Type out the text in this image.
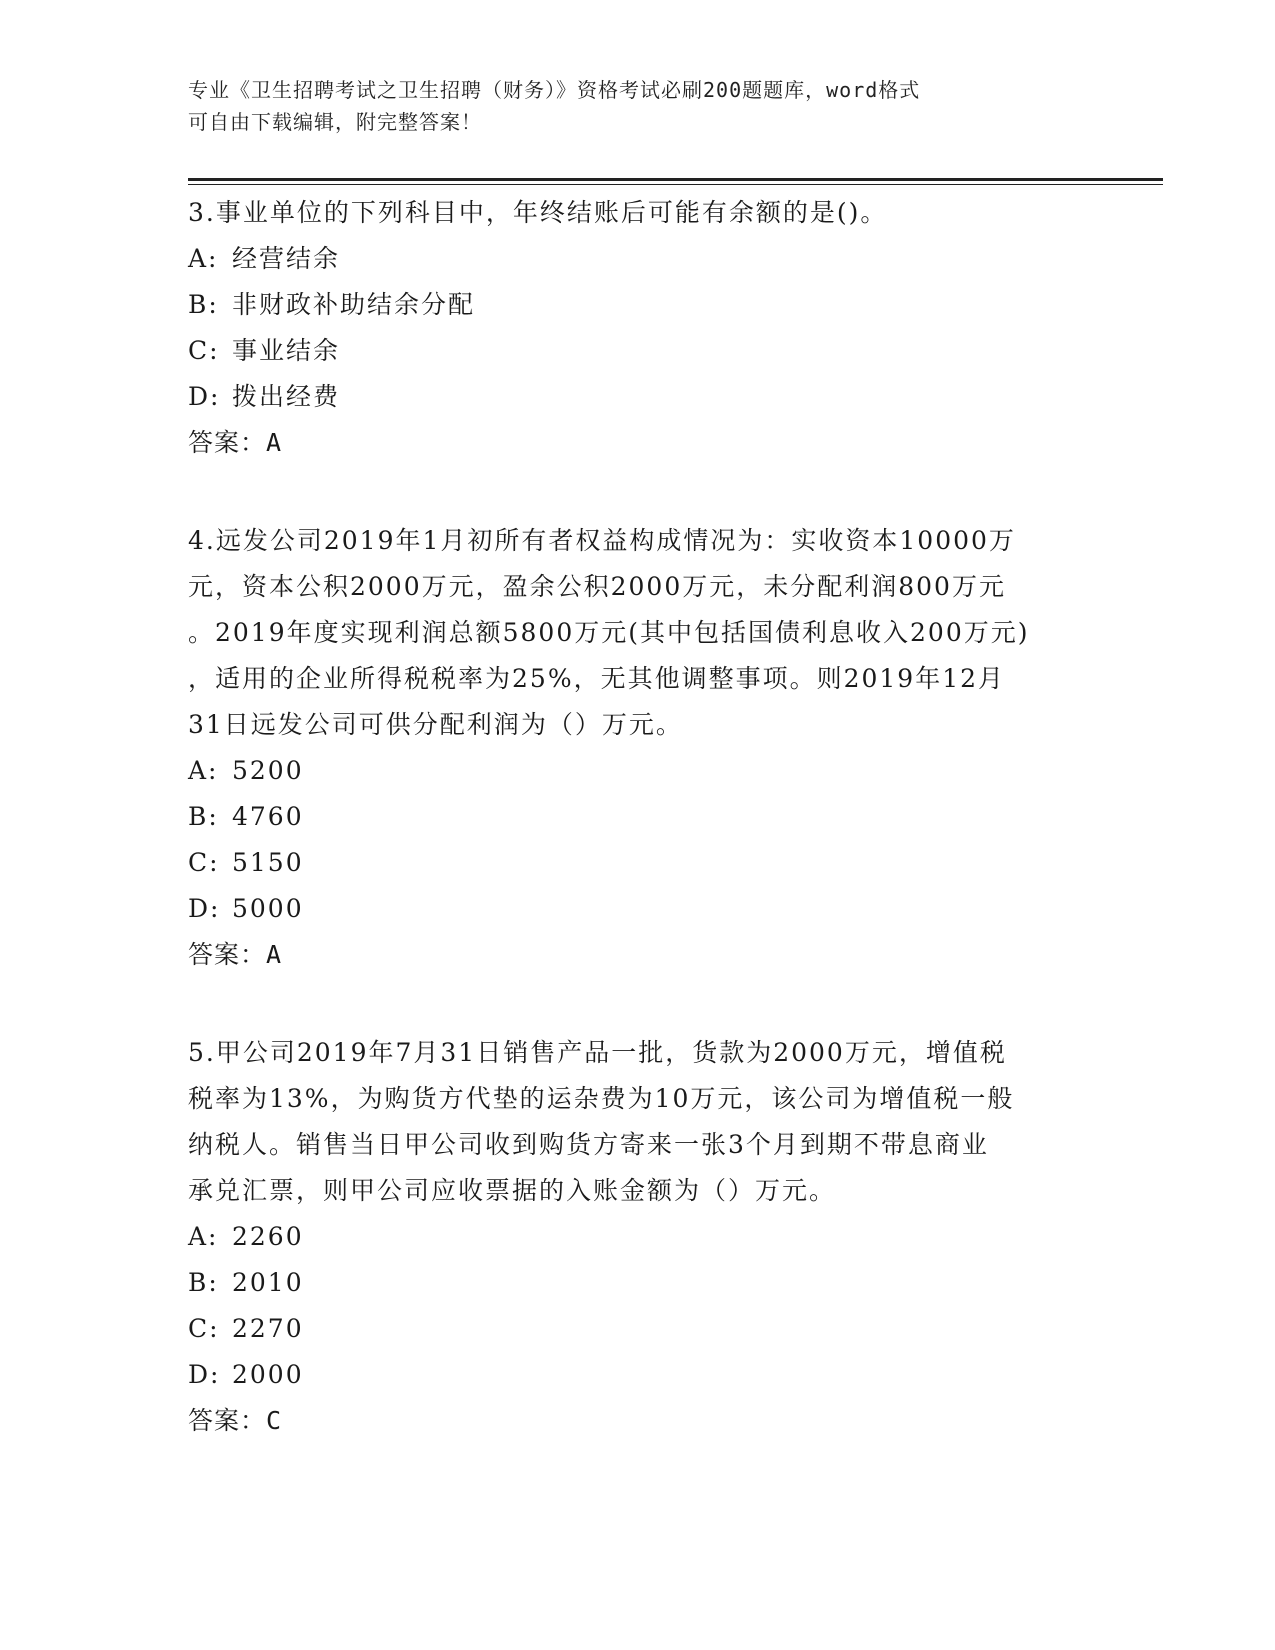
专业《卫生招聘考试之卫生招聘（财务）》资格考试必刷200题题库，word格式
可自由下载编辑，附完整答案！
3.事业单位的下列科目中，年终结账后可能有余额的是()。
A: 经营结余
B: 非财政补助结余分配
C: 事业结余
D: 拨出经费
答案：A
4.远发公司2019年1月初所有者权益构成情况为：实收资本10000万
元，资本公积2000万元，盈余公积2000万元，未分配利润800万元
。2019年度实现利润总额5800万元(其中包括国债利息收入200万元)
，适用的企业所得税税率为25%，无其他调整事项。则2019年12月
31日远发公司可供分配利润为（）万元。
A: 5200
B: 4760
C: 5150
D: 5000
答案：A
5.甲公司2019年7月31日销售产品一批，货款为2000万元，增值税
税率为13%，为购货方代垫的运杂费为10万元，该公司为增值税一般
纳税人。销售当日甲公司收到购货方寄来一张3个月到期不带息商业
承兑汇票，则甲公司应收票据的入账金额为（）万元。
A: 2260
B: 2010
C: 2270
D: 2000
答案：C
